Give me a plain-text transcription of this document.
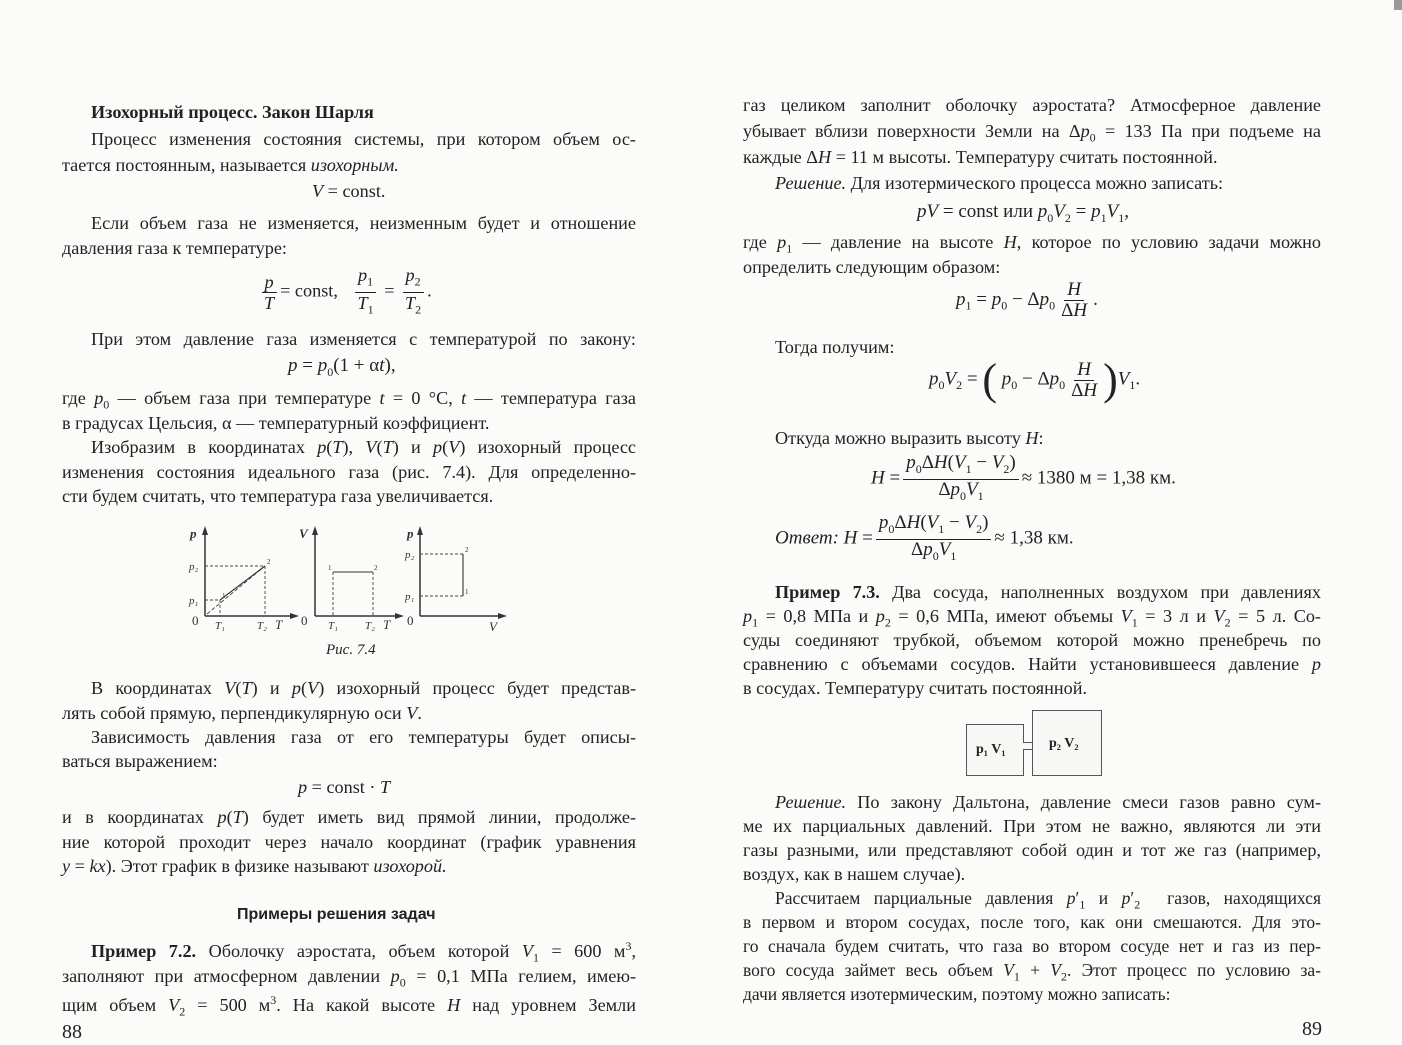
Изохорный процесс. Закон Шарля
Процесс изменения состояния системы, при котором объем ос-
тается постоянным, называется изохорным.
V = const.
Если объем газа не изменяется, неизменным будет и отношение
давления газа к температуре:
$\frac{p}{T}$ = const, $\frac{p_1}{T_1} = \frac{p_2}{T_2}$ .
При этом давление газа изменяется с температурой по закону:
$p = p_0(1 + \alpha t)$,
где $p_0$ — объем газа при температуре t = 0 °C, t — температура газа
в градусах Цельсия, α — температурный коэффициент.
Изобразим в координатах p(T), V(T) и p(V) изохорный процесс
изменения состояния идеального газа (рис. 7.4). Для определенно-
сти будем считать, что температура газа увеличивается.
p
p₂
p₁
0 T₁	T₂ T
2
1
V
0 T₁ T₂ T
1	2
p
p₂
p₁
0	V
2
1
Рис. 7.4
В координатах V(T) и p(V) изохорный процесс будет представ-
лять собой прямую, перпендикулярную оси V.
Зависимость давления газа от его температуры будет описы-
ваться выражением:
p = const · T
и в координатах p(T) будет иметь вид прямой линии, продолже-
ние которой проходит через начало координат (график уравнения
y = kx). Этот график в физике называют изохорой.
Примеры решения задач
Пример 7.2. Оболочку аэростата, объем которой $V_1 = 600$ $м^3$,
заполняют при атмосферном давлении $p_0 = 0,1$ МПа гелием, имею-
щим объем $V_2 = 500$ $м^3$. На какой высоте H над уровнем Земли
88
газ целиком заполнит оболочку аэростата? Атмосферное давление
убывает вблизи поверхности Земли на $\Delta p_0 = 133$ Па при подъеме на
каждые ΔH = 11 м высоты. Температуру считать постоянной.
Решение. Для изотермического процесса можно записать:
pV = const или $p_0V_2 = p_1V_1$,
где $p_1$ — давление на высоте H, которое по условию задачи можно
определить следующим образом:
$p_1 = p_0 - \Delta p_0 \frac{H}{\Delta H}$ .
Тогда получим:
$p_0V_2$ = ( $p_0 - \Delta p_0 \frac{H}{\Delta H} )V_1$.
Откуда можно выразить высоту H:
$H = \frac{p_0\Delta H(V_1 - V_2)}{\Delta p_0V_1} \approx 1380$ м = 1,38 км.
Ответ: $H = \frac{p_0\Delta H(V_1 - V_2)}{\Delta p_0V_1} \approx 1,38$ км.
Пример 7.3. Два сосуда, наполненных воздухом при давлениях
$p_1 = 0,8$ МПа и $p_2 = 0,6$ МПа, имеют объемы $V_1 = 3$ л и $V_2 = 5$ л. Со-
суды соединяют трубкой, объемом которой можно пренебречь по
сравнению с объемами сосудов. Найти установившееся давление p
в сосудах. Температуру считать постоянной.
p₁ V₁	p₂ V₂
Решение. По закону Дальтона, давление смеси газов равно сум-
ме их парциальных давлений. При этом не важно, являются ли эти
газы разными, или представляют собой один и тот же газ (например,
воздух, как в нашем случае).
Рассчитаем парциальные давления $p'_1$ и $p'_2$  газов, находящихся
в первом и втором сосудах, после того, как они смешаются. Для это-
го сначала будем считать, что газа во втором сосуде нет и газ из пер-
вого сосуда займет весь объем $V_1 + V_2$. Этот процесс по условию за-
дачи является изотермическим, поэтому можно записать:
89
